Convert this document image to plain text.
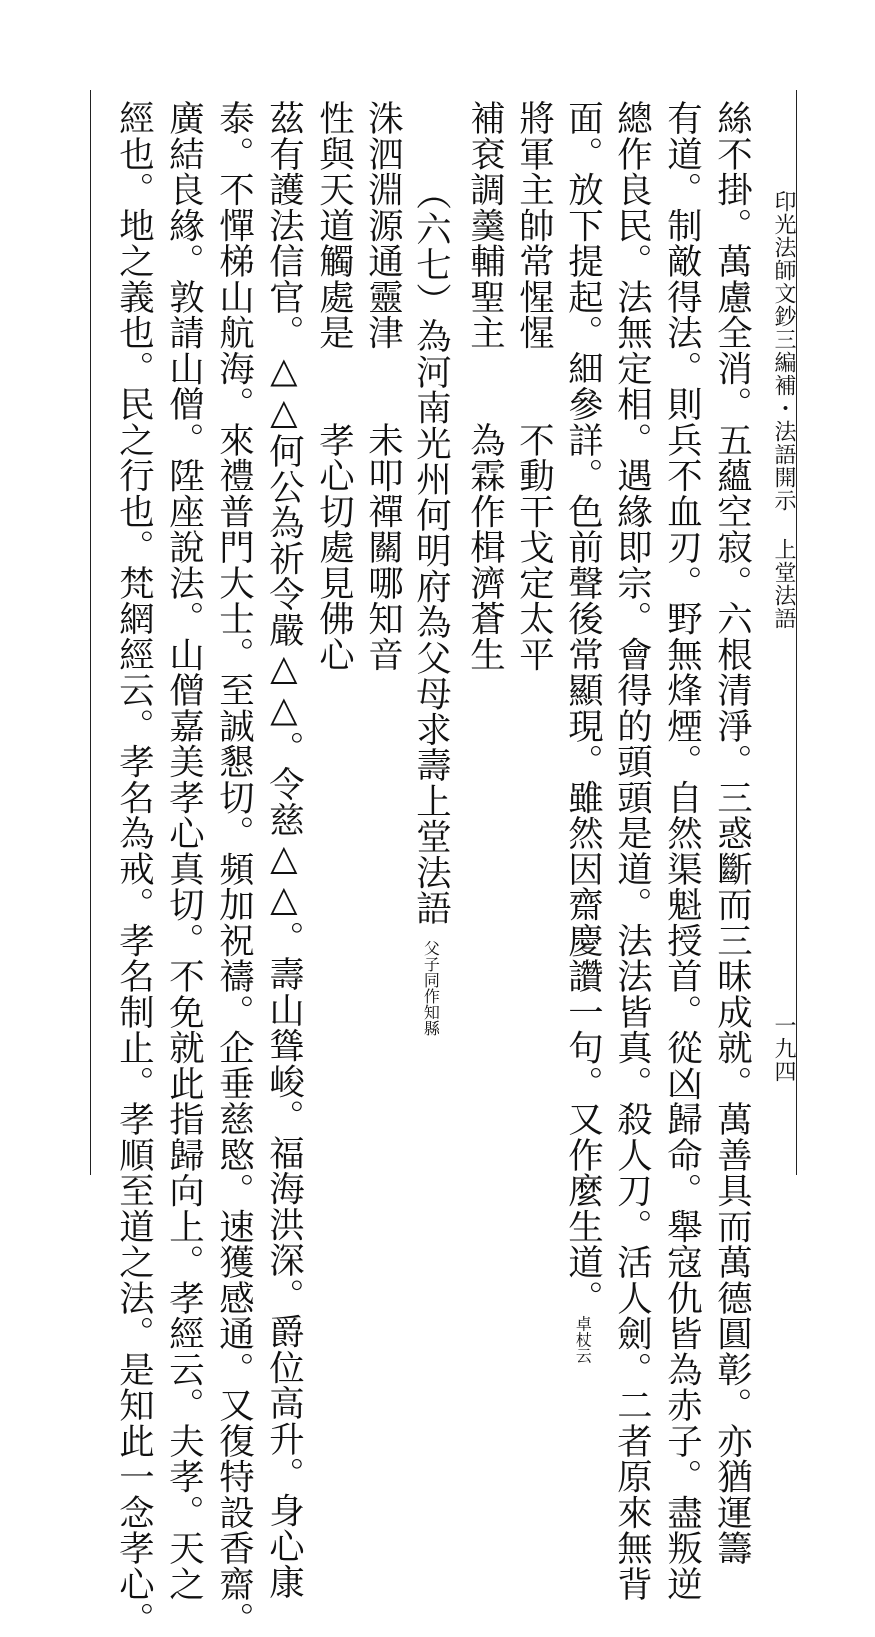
印光法師文鈔三編補・法語開示上堂法語
一九四
絲不掛。萬慮全消。五蘊空寂。六根清淨。三惑斷而三昧成就。萬善具而萬德圓彰。亦猶運籌
有道。制敵得法。則兵不血刃。野無烽煙。自然渠魁授首。從凶歸命。舉寇仇皆為赤子。盡叛逆
總作良民。法無定相。遇緣即宗。會得的頭頭是道。法法皆真。殺人刀。活人劍。二者原來無背
面。放下提起。細參詳。色前聲後常顯現。雖然因齋慶讚一句。又作麼生道。卓杖云
將軍主帥常惺惺　　不動干戈定太平
補袞調羹輔聖主　　為霖作楫濟蒼生
（六七）為河南光州何明府為父母求壽上堂法語父子同作知縣
洙泗淵源通靈津　　未叩禪關哪知音
性與天道觸處是　　孝心切處見佛心
茲有護法信官。△△何公為祈令嚴△△。令慈△△。壽山聳峻。福海洪深。爵位高升。身心康
泰。不憚梯山航海。來禮普門大士。至誠懇切。頻加祝禱。企垂慈愍。速獲感通。又復特設香齋。
廣結良緣。敦請山僧。陞座說法。山僧嘉美孝心真切。不免就此指歸向上。孝經云。夫孝。天之
經也。地之義也。民之行也。梵網經云。孝名為戒。孝名制止。孝順至道之法。是知此一念孝心。
